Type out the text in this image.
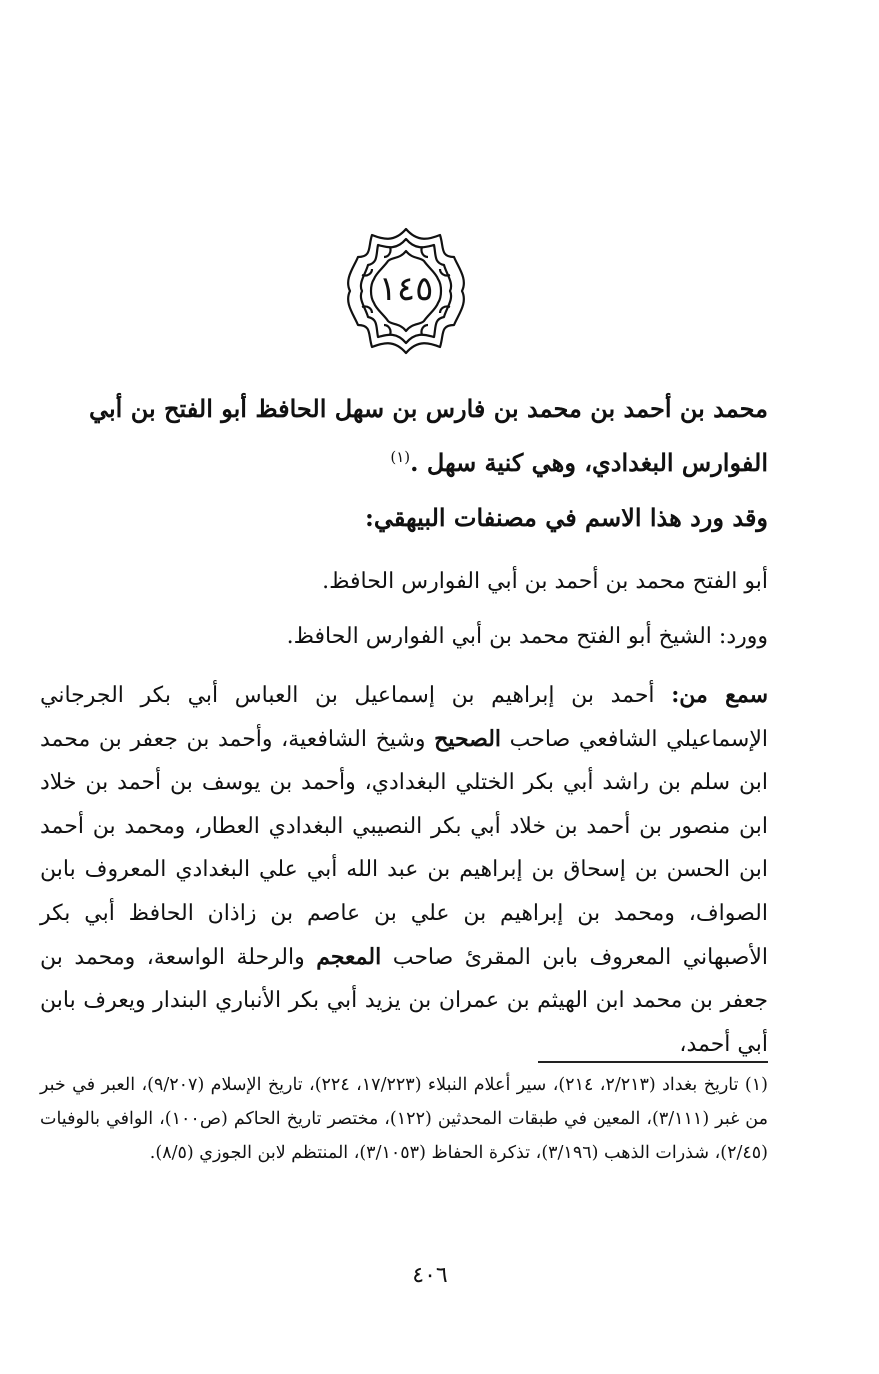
١٤٥
محمد بن أحمد بن محمد بن فارس بن سهل الحافظ أبو الفتح بن أبي الفوارس البغدادي، وهي كنية سهل .$^{(١)}$
وقد ورد هذا الاسم في مصنفات البيهقي:
أبو الفتح محمد بن أحمد بن أبي الفوارس الحافظ.
وورد: الشيخ أبو الفتح محمد بن أبي الفوارس الحافظ.
سمع من: أحمد بن إبراهيم بن إسماعيل بن العباس أبي بكر الجرجاني الإسماعيلي الشافعي صاحب الصحيح وشيخ الشافعية، وأحمد بن جعفر بن محمد ابن سلم بن راشد أبي بكر الختلي البغدادي، وأحمد بن يوسف بن أحمد بن خلاد ابن منصور بن أحمد بن خلاد أبي بكر النصيبي البغدادي العطار، ومحمد بن أحمد ابن الحسن بن إسحاق بن إبراهيم بن عبد الله أبي علي البغدادي المعروف بابن الصواف، ومحمد بن إبراهيم بن علي بن عاصم بن زاذان الحافظ أبي بكر الأصبهاني المعروف بابن المقرئ صاحب المعجم والرحلة الواسعة، ومحمد بن جعفر بن محمد ابن الهيثم بن عمران بن يزيد أبي بكر الأنباري البندار ويعرف بابن أبي أحمد،
(١) تاريخ بغداد (٢/٢١٣، ٢١٤)، سير أعلام النبلاء (١٧/٢٢٣، ٢٢٤)، تاريخ الإسلام (٩/٢٠٧)، العبر في خبر من غبر (٣/١١١)، المعين في طبقات المحدثين (١٢٢)، مختصر تاريخ الحاكم (ص١٠٠)، الوافي بالوفيات (٢/٤٥)، شذرات الذهب (٣/١٩٦)، تذكرة الحفاظ (٣/١٠٥٣)، المنتظم لابن الجوزي (٨/٥).
٤٠٦
